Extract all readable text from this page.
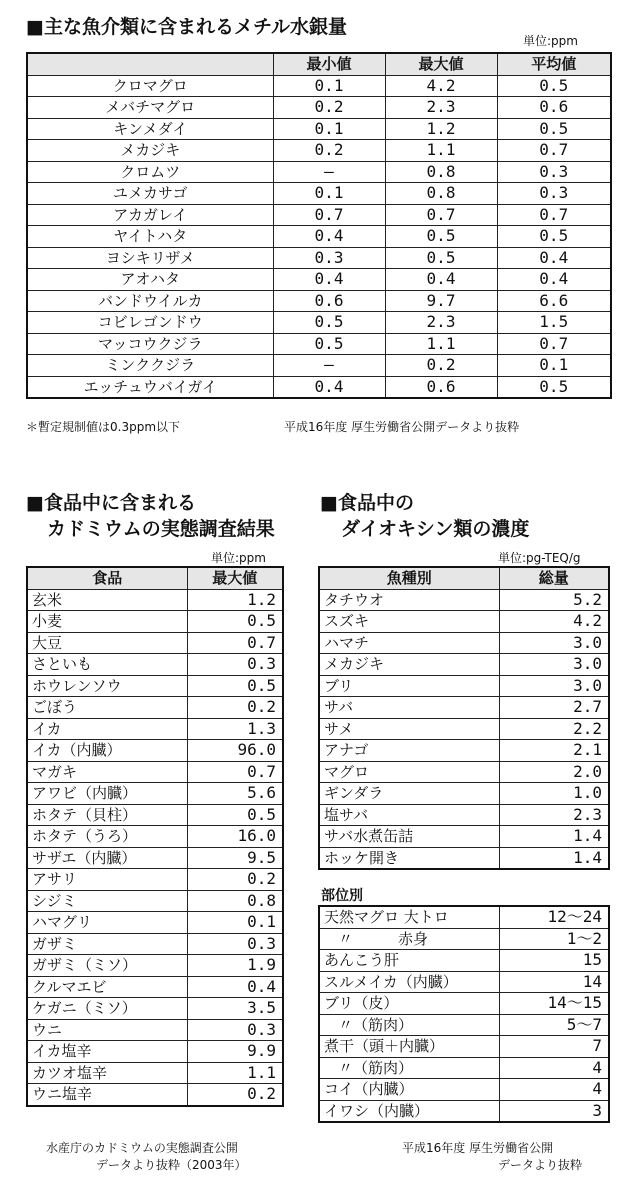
■主な魚介類に含まれるメチル水銀量
単位:ppm
	最小値	最大値	平均値
クロマグロ	0.1	4.2	0.5
メバチマグロ	0.2	2.3	0.6
キンメダイ	0.1	1.2	0.5
メカジキ	0.2	1.1	0.7
クロムツ	—	0.8	0.3
ユメカサゴ	0.1	0.8	0.3
アカガレイ	0.7	0.7	0.7
ヤイトハタ	0.4	0.5	0.5
ヨシキリザメ	0.3	0.5	0.4
アオハタ	0.4	0.4	0.4
バンドウイルカ	0.6	9.7	6.6
コビレゴンドウ	0.5	2.3	1.5
マッコウクジラ	0.5	1.1	0.7
ミンククジラ	—	0.2	0.1
エッチュウバイガイ	0.4	0.6	0.5
＊暫定規制値は0.3ppm以下	平成16年度 厚生労働省公開データより抜粋
■食品中に含まれる
カドミウムの実態調査結果
単位:ppm
食品	最大値
玄米	1.2
小麦	0.5
大豆	0.7
さといも	0.3
ホウレンソウ	0.5
ごぼう	0.2
イカ	1.3
イカ（内臓）	96.0
マガキ	0.7
アワビ（内臓）	5.6
ホタテ（貝柱）	0.5
ホタテ（うろ）	16.0
サザエ（内臓）	9.5
アサリ	0.2
シジミ	0.8
ハマグリ	0.1
ガザミ	0.3
ガザミ（ミソ）	1.9
クルマエビ	0.4
ケガニ（ミソ）	3.5
ウニ	0.3
イカ塩辛	9.9
カツオ塩辛	1.1
ウニ塩辛	0.2
水産庁のカドミウムの実態調査公開
データより抜粋（2003年）
■食品中の
ダイオキシン類の濃度
単位:pg-TEQ/g
魚種別	総量
タチウオ	5.2
スズキ	4.2
ハマチ	3.0
メカジキ	3.0
ブリ	3.0
サバ	2.7
サメ	2.2
アナゴ	2.1
マグロ	2.0
ギンダラ	1.0
塩サバ	2.3
サバ水煮缶詰	1.4
ホッケ開き	1.4
部位別
天然マグロ 大トロ	12～24
〃　　　赤身	1～2
あんこう肝	15
スルメイカ（内臓）	14
ブリ（皮）	14～15
〃（筋肉）	5～7
煮干（頭＋内臓）	7
〃（筋肉）	4
コイ（内臓）	4
イワシ（内臓）	3
平成16年度 厚生労働省公開
データより抜粋
